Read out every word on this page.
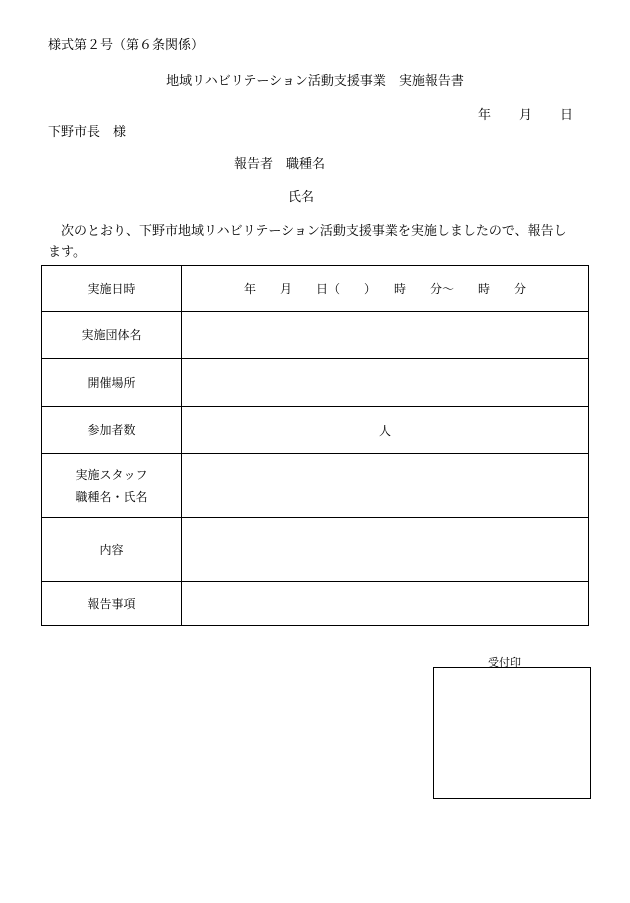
様式第２号（第６条関係）
地域リハビリテーション活動支援事業　実施報告書
年 月 日
下野市長　様
報告者　職種名
氏名
次のとおり、下野市地域リハビリテーション活動支援事業を実施しましたので、報告します。
実施日時	年　　月　　日（　　）　　時　　分～　　時　　分
実施団体名	
開催場所	
参加者数	人

実施スタッフ
職種名・氏名	

内容	
報告事項	
受付印
